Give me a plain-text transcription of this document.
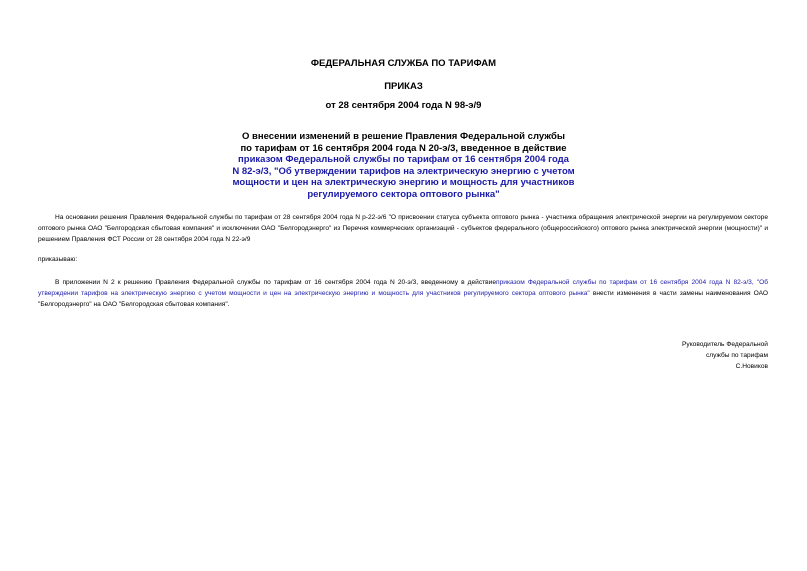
ФЕДЕРАЛЬНАЯ СЛУЖБА ПО ТАРИФАМ
ПРИКАЗ
от 28 сентября 2004 года N 98-э/9
О внесении изменений в решение Правления Федеральной службы
по тарифам от 16 сентября 2004 года N 20-э/3, введенное в действие
приказом Федеральной службы по тарифам от 16 сентября 2004 года
N 82-э/3, "Об утверждении тарифов на электрическую энергию с учетом
мощности и цен на электрическую энергию и мощность для участников
регулируемого сектора оптового рынка"
На основании решения Правления Федеральной службы по тарифам от 28 сентября 2004 года N р-22-э/6 "О присвоении статуса субъекта оптового рынка - участника обращения электрической энергии на регулируемом секторе оптового рынка ОАО "Белгородская сбытовая компания" и исключении ОАО "Белгородэнерго" из Перечня коммерческих организаций - субъектов федерального (общероссийского) оптового рынка электрической энергии (мощности)" и решением Правления ФСТ России от 28 сентября 2004 года N 22-э/9
приказываю:
В приложении N 2 к решению Правления Федеральной службы по тарифам от 16 сентября 2004 года N 20-э/3, введенному в действиеприказом Федеральной службы по тарифам от 16 сентября 2004 года N 82-э/3, "Об утверждении тарифов на электрическую энергию с учетом мощности и цен на электрическую энергию и мощность для участников регулируемого сектора оптового рынка" внести изменения в части замены наименования ОАО "Белгородэнерго" на ОАО "Белгородская сбытовая компания".
Руководитель Федеральной
службы по тарифам
С.Новиков
